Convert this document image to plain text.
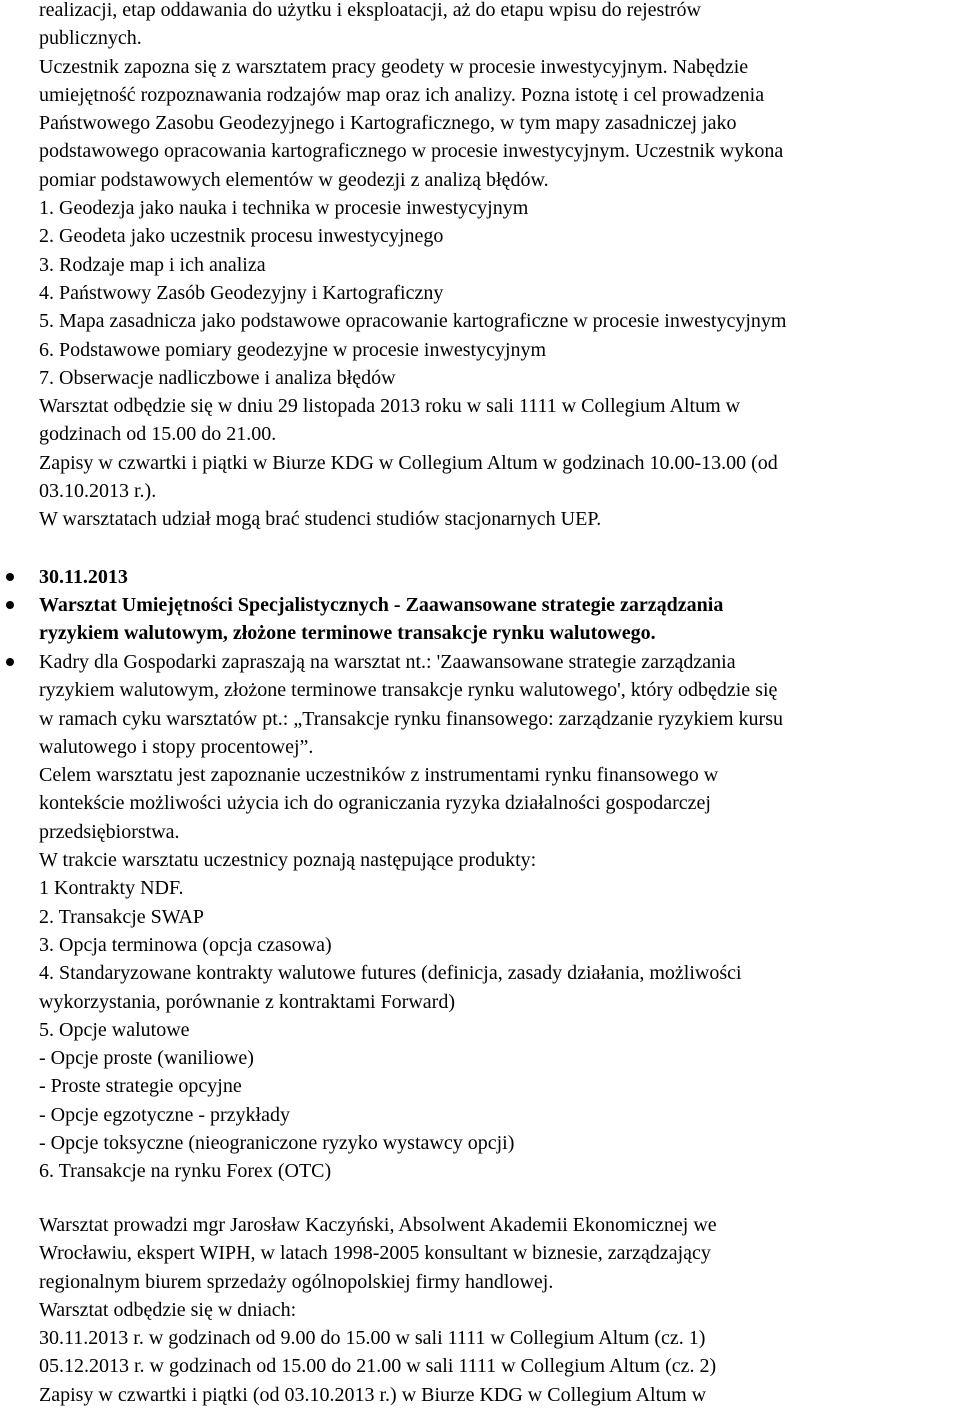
realizacji, etap oddawania do użytku i eksploatacji, aż do etapu wpisu do rejestrów
publicznych.
Uczestnik zapozna się z warsztatem pracy geodety w procesie inwestycyjnym. Nabędzie
umiejętność rozpoznawania rodzajów map oraz ich analizy. Pozna istotę i cel prowadzenia
Państwowego Zasobu Geodezyjnego i Kartograficznego, w tym mapy zasadniczej jako
podstawowego opracowania kartograficznego w procesie inwestycyjnym. Uczestnik wykona
pomiar podstawowych elementów w geodezji z analizą błędów.
1. Geodezja jako nauka i technika w procesie inwestycyjnym
2. Geodeta jako uczestnik procesu inwestycyjnego
3. Rodzaje map i ich analiza
4. Państwowy Zasób Geodezyjny i Kartograficzny
5. Mapa zasadnicza jako podstawowe opracowanie kartograficzne w procesie inwestycyjnym
6. Podstawowe pomiary geodezyjne w procesie inwestycyjnym
7. Obserwacje nadliczbowe i analiza błędów
Warsztat odbędzie się w dniu 29 listopada 2013 roku w sali 1111 w Collegium Altum w
godzinach od 15.00 do 21.00.
Zapisy w czwartki i piątki w Biurze KDG w Collegium Altum w godzinach 10.00-13.00 (od
03.10.2013 r.).
W warsztatach udział mogą brać studenci studiów stacjonarnych UEP.
30.11.2013
Warsztat Umiejętności Specjalistycznych - Zaawansowane strategie zarządzania
ryzykiem walutowym, złożone terminowe transakcje rynku walutowego.
Kadry dla Gospodarki zapraszają na warsztat nt.: 'Zaawansowane strategie zarządzania
ryzykiem walutowym, złożone terminowe transakcje rynku walutowego', który odbędzie się
w ramach cyku warsztatów pt.: „Transakcje rynku finansowego: zarządzanie ryzykiem kursu
walutowego i stopy procentowej”.
Celem warsztatu jest zapoznanie uczestników z instrumentami rynku finansowego w
kontekście możliwości użycia ich do ograniczania ryzyka działalności gospodarczej
przedsiębiorstwa.
W trakcie warsztatu uczestnicy poznają następujące produkty:
1 Kontrakty NDF.
2. Transakcje SWAP
3. Opcja terminowa (opcja czasowa)
4. Standaryzowane kontrakty walutowe futures (definicja, zasady działania, możliwości
wykorzystania, porównanie z kontraktami Forward)
5. Opcje walutowe
- Opcje proste (waniliowe)
- Proste strategie opcyjne
- Opcje egzotyczne - przykłady
- Opcje toksyczne (nieograniczone ryzyko wystawcy opcji)
6. Transakcje na rynku Forex (OTC)
Warsztat prowadzi mgr Jarosław Kaczyński, Absolwent Akademii Ekonomicznej we
Wrocławiu, ekspert WIPH, w latach 1998-2005 konsultant w biznesie, zarządzający
regionalnym biurem sprzedaży ogólnopolskiej firmy handlowej.
Warsztat odbędzie się w dniach:
30.11.2013 r. w godzinach od 9.00 do 15.00 w sali 1111 w Collegium Altum (cz. 1)
05.12.2013 r. w godzinach od 15.00 do 21.00 w sali 1111 w Collegium Altum (cz. 2)
Zapisy w czwartki i piątki (od 03.10.2013 r.) w Biurze KDG w Collegium Altum w
